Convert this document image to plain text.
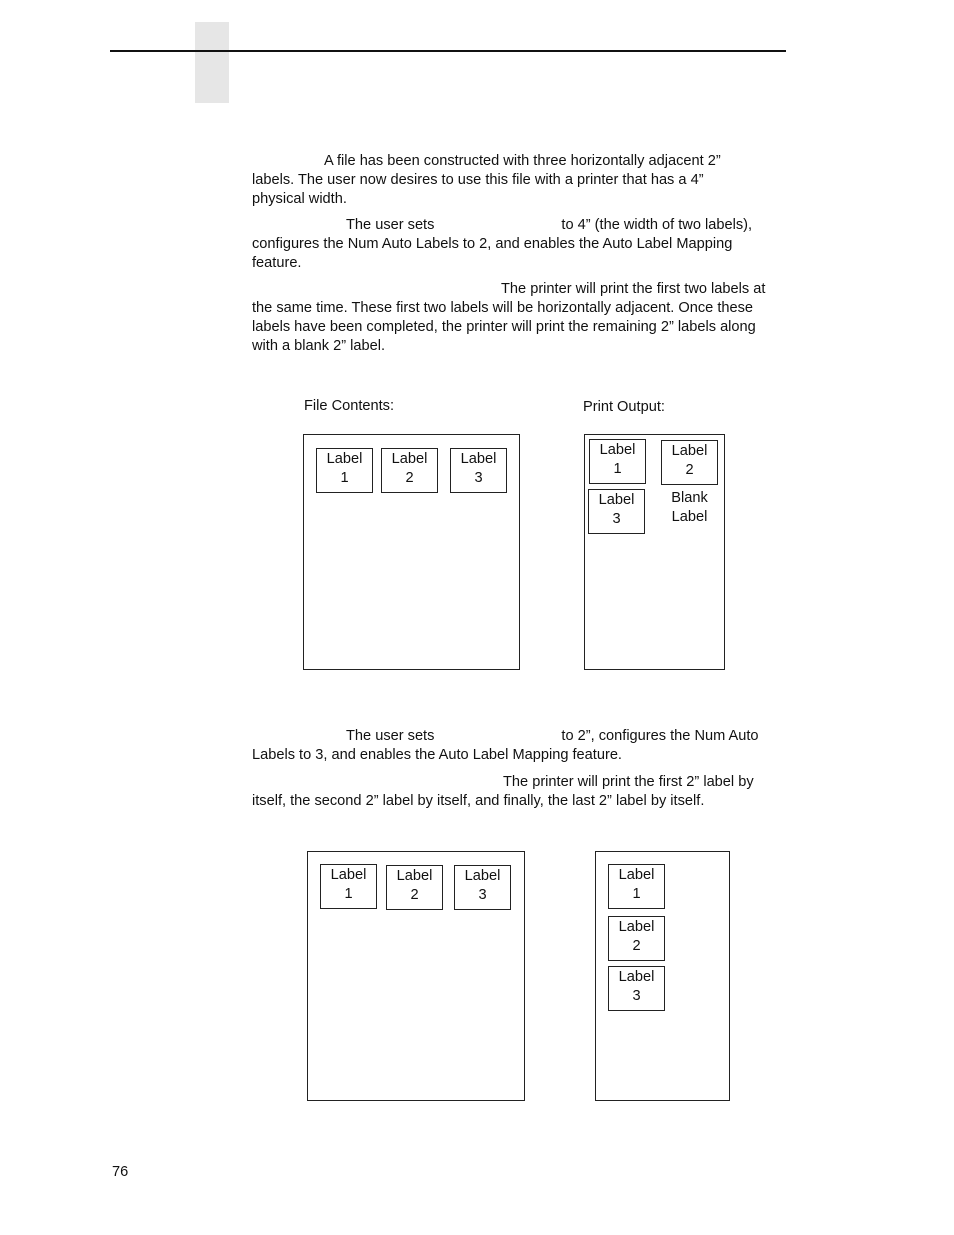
A file has been constructed with three horizontally adjacent 2”
labels. The user now desires to use this file with a printer that has a 4”
physical width.
The user sets	to 4” (the width of two labels),
configures the Num Auto Labels to 2, and enables the Auto Label Mapping
feature.
The printer will print the first two labels at
the same time. These first two labels will be horizontally adjacent. Once these
labels have been completed, the printer will print the remaining 2” labels along
with a blank 2” label.
File Contents:	Print Output:
Label
1
Label
2
Label
3
Label
1
Label
2
Label
3
Blank
Label
The user sets	to 2”, configures the Num Auto
Labels to 3, and enables the Auto Label Mapping feature.
The printer will print the first 2” label by
itself, the second 2” label by itself, and finally, the last 2” label by itself.
Label
1
Label
2
Label
3
Label
1
Label
2
Label
3
76
